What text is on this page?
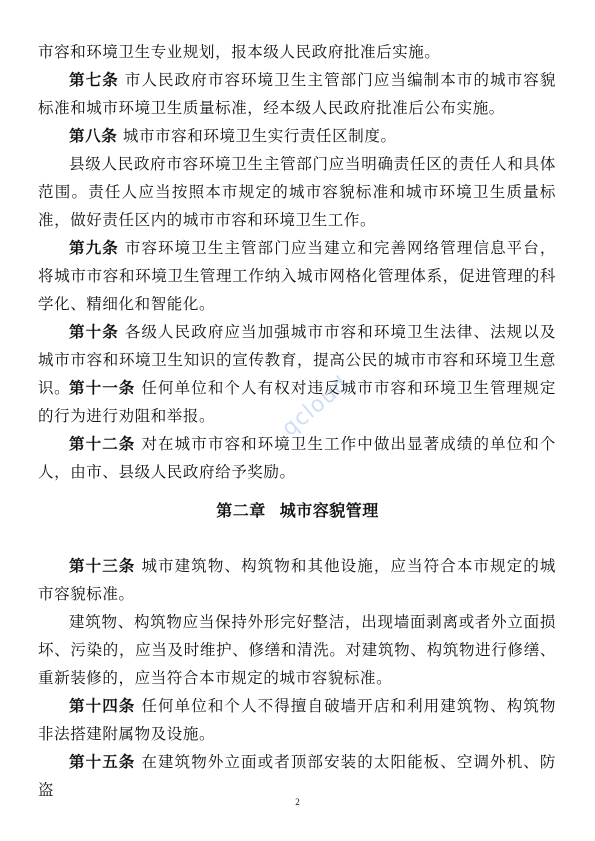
市容和环境卫生专业规划，报本级人民政府批准后实施。

第七条 市人民政府市容环境卫生主管部门应当编制本市的城市容貌标准和城市环境卫生质量标准，经本级人民政府批准后公布实施。

第八条 城市市容和环境卫生实行责任区制度。

县级人民政府市容环境卫生主管部门应当明确责任区的责任人和具体范围。责任人应当按照本市规定的城市容貌标准和城市环境卫生质量标准，做好责任区内的城市市容和环境卫生工作。

第九条 市容环境卫生主管部门应当建立和完善网络管理信息平台，将城市市容和环境卫生管理工作纳入城市网格化管理体系，促进管理的科学化、精细化和智能化。

第十条 各级人民政府应当加强城市市容和环境卫生法律、法规以及城市市容和环境卫生知识的宣传教育，提高公民的城市市容和环境卫生意识。

第十一条 任何单位和个人有权对违反城市市容和环境卫生管理规定的行为进行劝阻和举报。

第十二条 对在城市市容和环境卫生工作中做出显著成绩的单位和个人，由市、县级人民政府给予奖励。

第二章 城市容貌管理

第十三条 城市建筑物、构筑物和其他设施，应当符合本市规定的城市容貌标准。

建筑物、构筑物应当保持外形完好整洁，出现墙面剥离或者外立面损坏、污染的，应当及时维护、修缮和清洗。对建筑物、构筑物进行修缮、重新装修的，应当符合本市规定的城市容貌标准。

第十四条 任何单位和个人不得擅自破墙开店和利用建筑物、构筑物非法搭建附属物及设施。

第十五条 在建筑物外立面或者顶部安装的太阳能板、空调外机、防盗

qcloud
2
